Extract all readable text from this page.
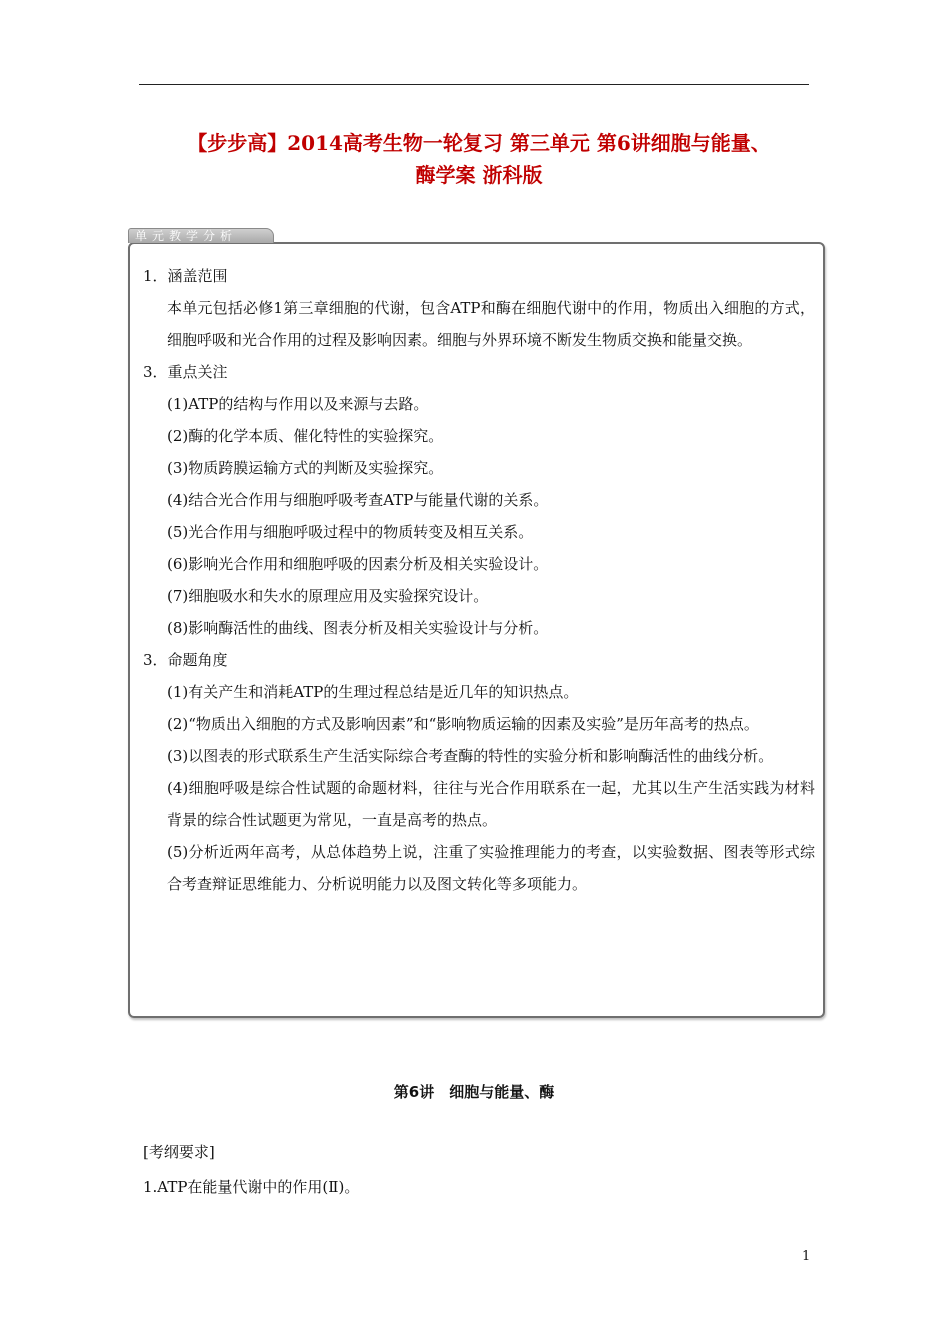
【步步高】2014高考生物一轮复习 第三单元 第6讲细胞与能量、
酶学案 浙科版
单元教学分析

1．涵盖范围

本单元包括必修1第三章细胞的代谢，包含ATP和酶在细胞代谢中的作用，物质出入细胞的方式，细胞呼吸和光合作用的过程及影响因素。细胞与外界环境不断发生物质交换和能量交换。

3．重点关注

(1)ATP的结构与作用以及来源与去路。

(2)酶的化学本质、催化特性的实验探究。

(3)物质跨膜运输方式的判断及实验探究。

(4)结合光合作用与细胞呼吸考查ATP与能量代谢的关系。

(5)光合作用与细胞呼吸过程中的物质转变及相互关系。

(6)影响光合作用和细胞呼吸的因素分析及相关实验设计。

(7)细胞吸水和失水的原理应用及实验探究设计。

(8)影响酶活性的曲线、图表分析及相关实验设计与分析。

3．命题角度

(1)有关产生和消耗ATP的生理过程总结是近几年的知识热点。

(2)“物质出入细胞的方式及影响因素”和“影响物质运输的因素及实验”是历年高考的热点。

(3)以图表的形式联系生产生活实际综合考查酶的特性的实验分析和影响酶活性的曲线分析。

(4)细胞呼吸是综合性试题的命题材料，往往与光合作用联系在一起，尤其以生产生活实践为材料背景的综合性试题更为常见，一直是高考的热点。

(5)分析近两年高考，从总体趋势上说，注重了实验推理能力的考查，以实验数据、图表等形式综合考查辩证思维能力、分析说明能力以及图文转化等多项能力。

第6讲　细胞与能量、酶
[考纲要求]
1.ATP在能量代谢中的作用(Ⅱ)。
1
